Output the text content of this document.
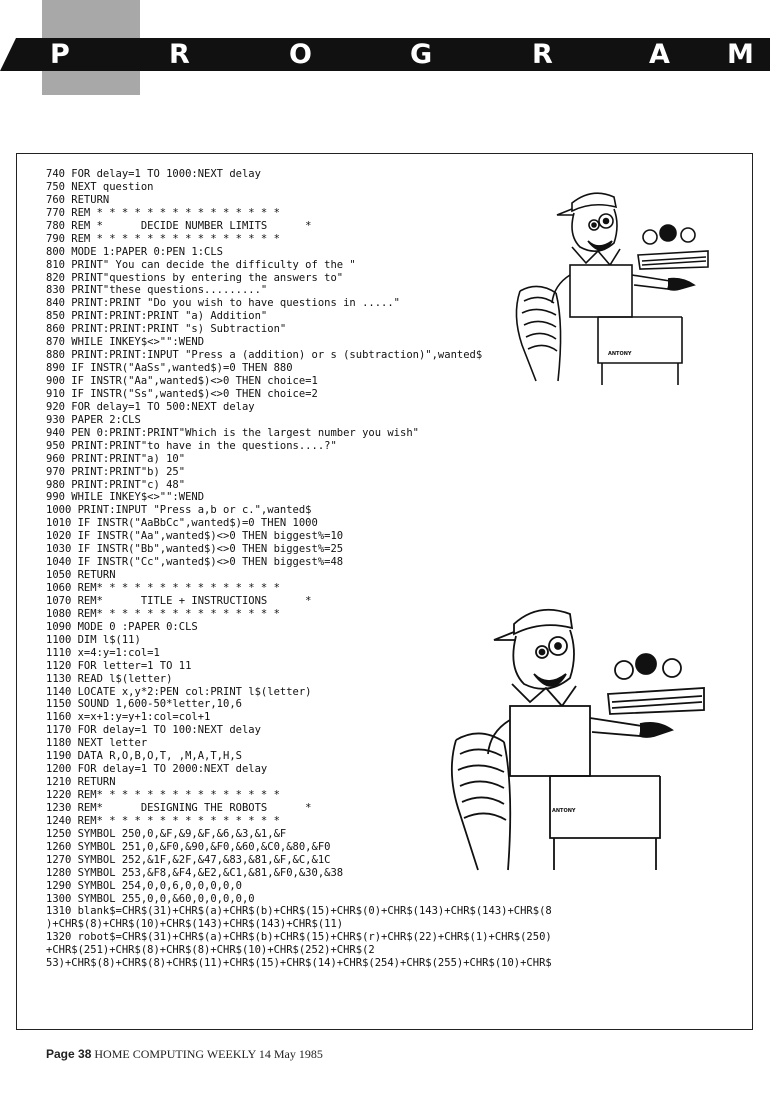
P	R	O	G	R	A M
ANTONY
ANTONY
740 FOR delay=1 TO 1000:NEXT delay
750 NEXT question
760 RETURN
770 REM * * * * * * * * * * * * * * *
780 REM *      DECIDE NUMBER LIMITS      *
790 REM * * * * * * * * * * * * * * *
800 MODE 1:PAPER 0:PEN 1:CLS
810 PRINT" You can decide the difficulty of the "
820 PRINT"questions by entering the answers to"
830 PRINT"these questions........."
840 PRINT:PRINT "Do you wish to have questions in ....."
850 PRINT:PRINT:PRINT "a) Addition"
860 PRINT:PRINT:PRINT "s) Subtraction"
870 WHILE INKEY$<>"":WEND
880 PRINT:PRINT:INPUT "Press a (addition) or s (subtraction)",wanted$
890 IF INSTR("AaSs",wanted$)=0 THEN 880
900 IF INSTR("Aa",wanted$)<>0 THEN choice=1
910 IF INSTR("Ss",wanted$)<>0 THEN choice=2
920 FOR delay=1 TO 500:NEXT delay
930 PAPER 2:CLS
940 PEN 0:PRINT:PRINT"Which is the largest number you wish"
950 PRINT:PRINT"to have in the questions....?"
960 PRINT:PRINT"a) 10"
970 PRINT:PRINT"b) 25"
980 PRINT:PRINT"c) 48"
990 WHILE INKEY$<>"":WEND
1000 PRINT:INPUT "Press a,b or c.",wanted$
1010 IF INSTR("AaBbCc",wanted$)=0 THEN 1000
1020 IF INSTR("Aa",wanted$)<>0 THEN biggest%=10
1030 IF INSTR("Bb",wanted$)<>0 THEN biggest%=25
1040 IF INSTR("Cc",wanted$)<>0 THEN biggest%=48
1050 RETURN
1060 REM* * * * * * * * * * * * * * *
1070 REM*      TITLE + INSTRUCTIONS      *
1080 REM* * * * * * * * * * * * * * *
1090 MODE 0 :PAPER 0:CLS
1100 DIM l$(11)
1110 x=4:y=1:col=1
1120 FOR letter=1 TO 11
1130 READ l$(letter)
1140 LOCATE x,y*2:PEN col:PRINT l$(letter)
1150 SOUND 1,600-50*letter,10,6
1160 x=x+1:y=y+1:col=col+1
1170 FOR delay=1 TO 100:NEXT delay
1180 NEXT letter
1190 DATA R,O,B,O,T, ,M,A,T,H,S
1200 FOR delay=1 TO 2000:NEXT delay
1210 RETURN
1220 REM* * * * * * * * * * * * * * *
1230 REM*      DESIGNING THE ROBOTS      *
1240 REM* * * * * * * * * * * * * * *
1250 SYMBOL 250,0,&F,&9,&F,&6,&3,&1,&F
1260 SYMBOL 251,0,&F0,&90,&F0,&60,&C0,&80,&F0
1270 SYMBOL 252,&1F,&2F,&47,&83,&81,&F,&C,&1C
1280 SYMBOL 253,&F8,&F4,&E2,&C1,&81,&F0,&30,&38
1290 SYMBOL 254,0,0,6,0,0,0,0,0
1300 SYMBOL 255,0,0,&60,0,0,0,0,0
1310 blank$=CHR$(31)+CHR$(a)+CHR$(b)+CHR$(15)+CHR$(0)+CHR$(143)+CHR$(143)+CHR$(8
)+CHR$(8)+CHR$(10)+CHR$(143)+CHR$(143)+CHR$(11)
1320 robot$=CHR$(31)+CHR$(a)+CHR$(b)+CHR$(15)+CHR$(r)+CHR$(22)+CHR$(1)+CHR$(250)
+CHR$(251)+CHR$(8)+CHR$(8)+CHR$(10)+CHR$(252)+CHR$(2
53)+CHR$(8)+CHR$(8)+CHR$(11)+CHR$(15)+CHR$(14)+CHR$(254)+CHR$(255)+CHR$(10)+CHR$
Page 38 HOME COMPUTING WEEKLY 14 May 1985
